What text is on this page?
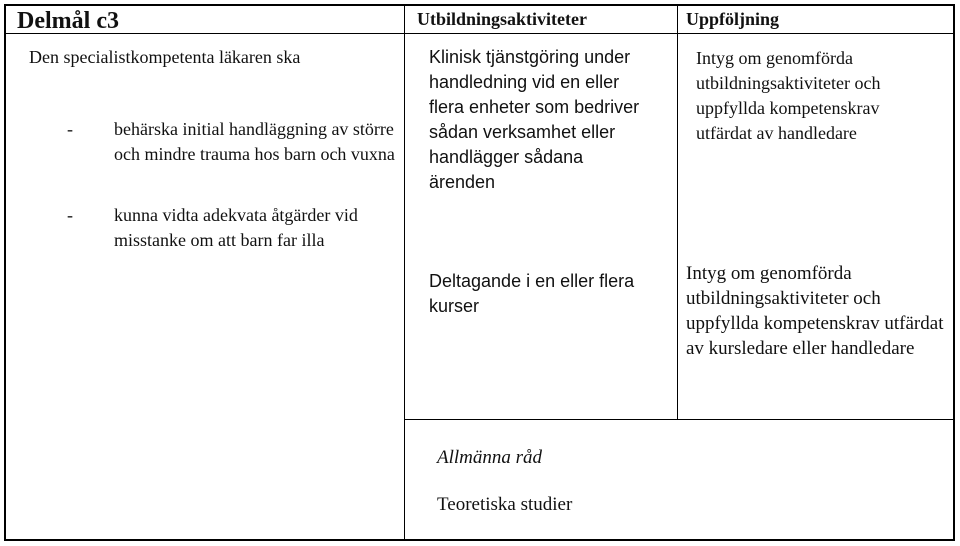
Delmål c3	Utbildningsaktiviteter	Uppföljning
Den specialistkompetenta läkaren ska
- behärska initial handläggning av större och mindre trauma hos barn och vuxna
- kunna vidta adekvata åtgärder vid misstanke om att barn far illa
Klinisk tjänstgöring under handledning vid en eller flera enheter som bedriver sådan verksamhet eller handlägger sådana ärenden
Deltagande i en eller flera kurser
Intyg om genomförda utbildningsaktiviteter och uppfyllda kompetenskrav utfärdat av handledare
Intyg om genomförda utbildningsaktiviteter och uppfyllda kompetenskrav utfärdat av kursledare eller handledare
Allmänna råd
Teoretiska studier
